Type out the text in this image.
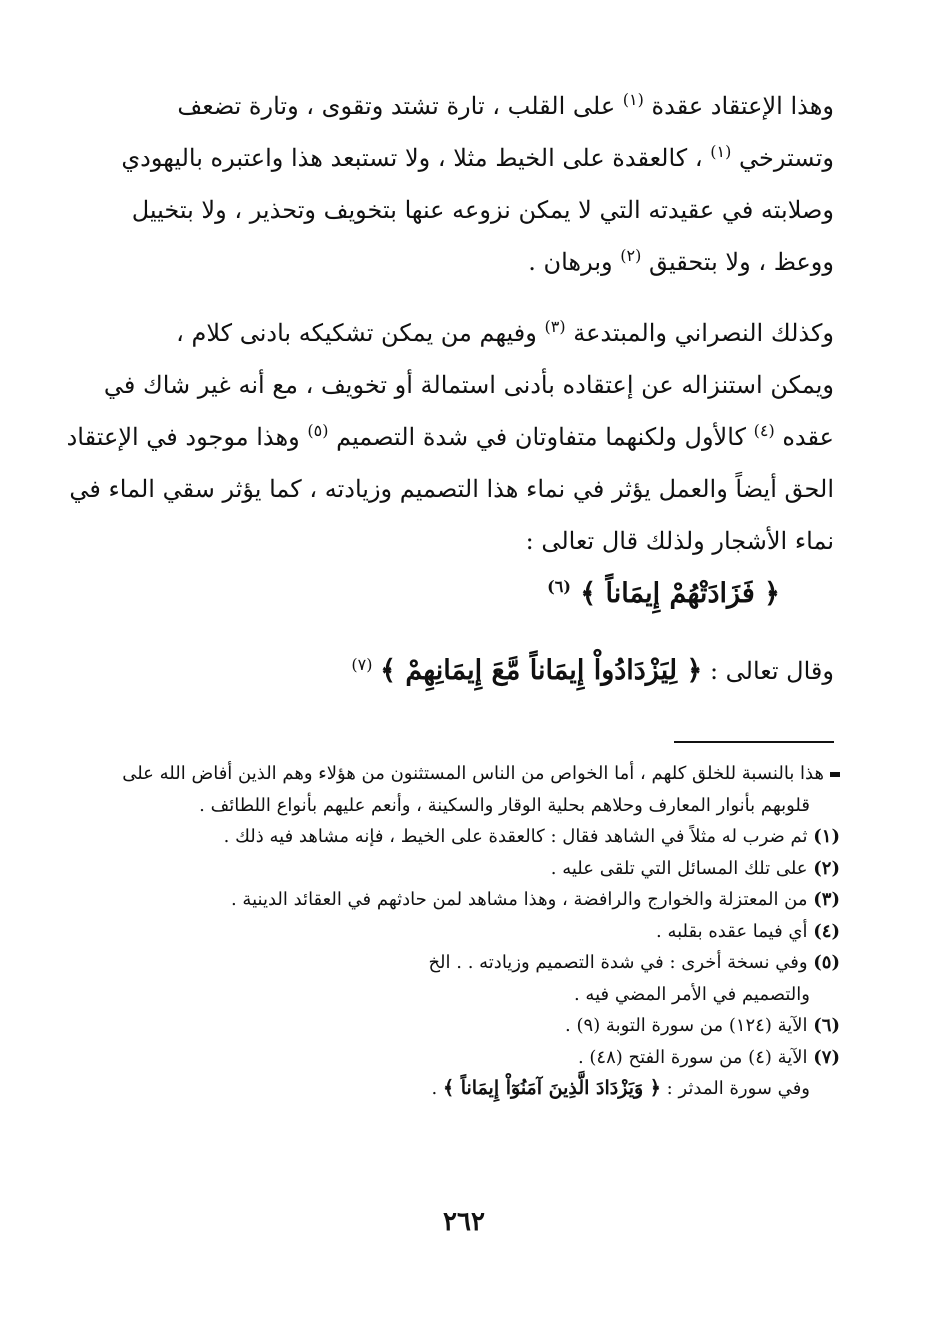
وهذا الإعتقاد عقدة $^{(١)}$ على القلب ، تارة تشتد وتقوى ، وتارة تضعف
وتسترخي $^{(١)}$ ، كالعقدة على الخيط مثلا ، ولا تستبعد هذا واعتبره باليهودي
وصلابته في عقيدته التي لا يمكن نزوعه عنها بتخويف وتحذير ، ولا بتخييل
ووعظ ، ولا بتحقيق $^{(٢)}$ وبرهان .
وكذلك النصراني والمبتدعة $^{(٣)}$ وفيهم من يمكن تشكيكه بادنى كلام ،
ويمكن استنزاله عن إعتقاده بأدنى استمالة أو تخويف ، مع أنه غير شاك في
عقده $^{(٤)}$ كالأول ولكنهما متفاوتان في شدة التصميم $^{(٥)}$ وهذا موجود في الإعتقاد
الحق أيضاً والعمل يؤثر في نماء هذا التصميم وزيادته ، كما يؤثر سقي الماء في
نماء الأشجار ولذلك قال تعالى :
﴿ فَزَادَتْهُمْ إِيمَاناً ﴾ $^{(٦)}$
وقال تعالى : ﴿ لِيَزْدَادُواْ إِيمَاناً مَّعَ إِيمَانِهِمْ ﴾ $^{(٧)}$
هذا بالنسبة للخلق كلهم ، أما الخواص من الناس المستثنون من هؤلاء وهم الذين أفاض الله على
قلوبهم بأنوار المعارف وحلاهم بحلية الوقار والسكينة ، وأنعم عليهم بأنواع اللطائف .
(١) ثم ضرب له مثلاً في الشاهد فقال : كالعقدة على الخيط ، فإنه مشاهد فيه ذلك .
(٢) على تلك المسائل التي تلقى عليه .
(٣) من المعتزلة والخوارج والرافضة ، وهذا مشاهد لمن حادثهم في العقائد الدينية .
(٤) أي فيما عقده بقلبه .
(٥) وفي نسخة أخرى : في شدة التصميم وزيادته . . الخ
والتصميم في الأمر المضي فيه .
(٦) الآية (١٢٤) من سورة التوبة (٩) .
(٧) الآية (٤) من سورة الفتح (٤٨) .
وفي سورة المدثر : ﴿ وَيَزْدَادَ الَّذِينَ آمَنُوٓاْ إِيمَاناً ﴾ .
٢٦٢
